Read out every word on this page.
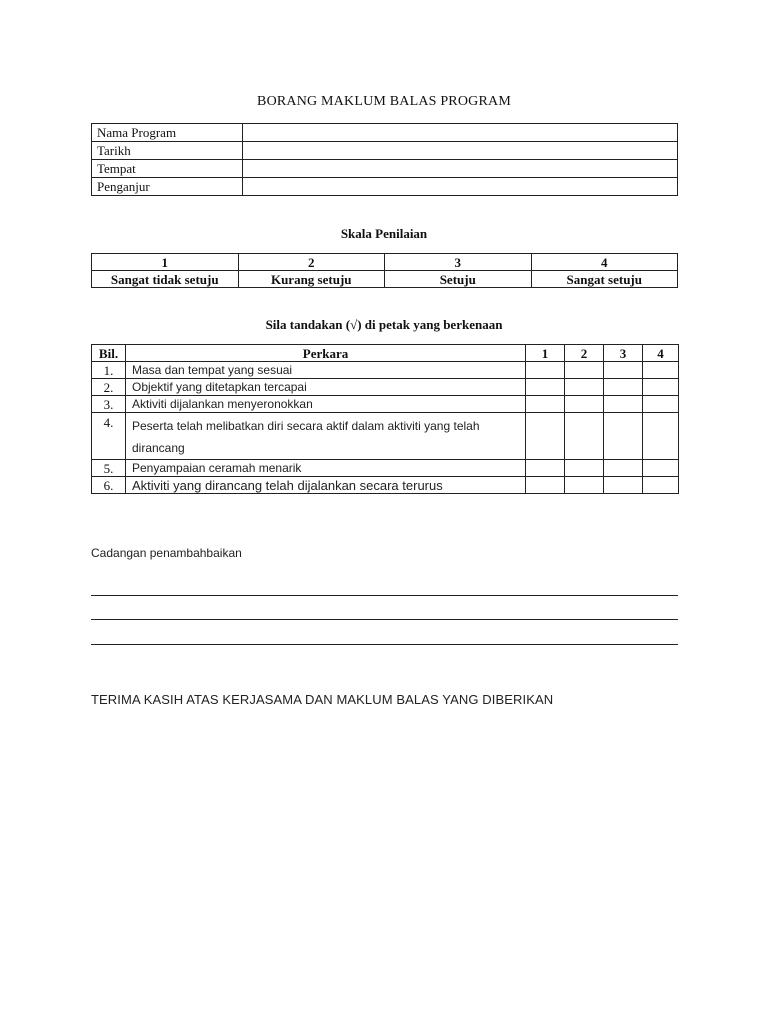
BORANG MAKLUM BALAS PROGRAM
Nama Program	
Tarikh	
Tempat	
Penganjur	
Skala Penilaian
1	2	3	4
Sangat tidak setuju	Kurang setuju	Setuju	Sangat setuju
Sila tandakan (√) di petak yang berkenaan
Bil.	Perkara	1	2	3	4
1.	Masa dan tempat yang sesuai				
2.	Objektif yang ditetapkan tercapai				
3.	Aktiviti dijalankan menyeronokkan				
4.	Peserta telah melibatkan diri secara aktif dalam aktiviti yang telah dirancang				
5.	Penyampaian ceramah menarik				
6.	Aktiviti yang dirancang telah dijalankan secara terurus				
Cadangan penambahbaikan
TERIMA KASIH ATAS KERJASAMA DAN MAKLUM BALAS YANG DIBERIKAN
